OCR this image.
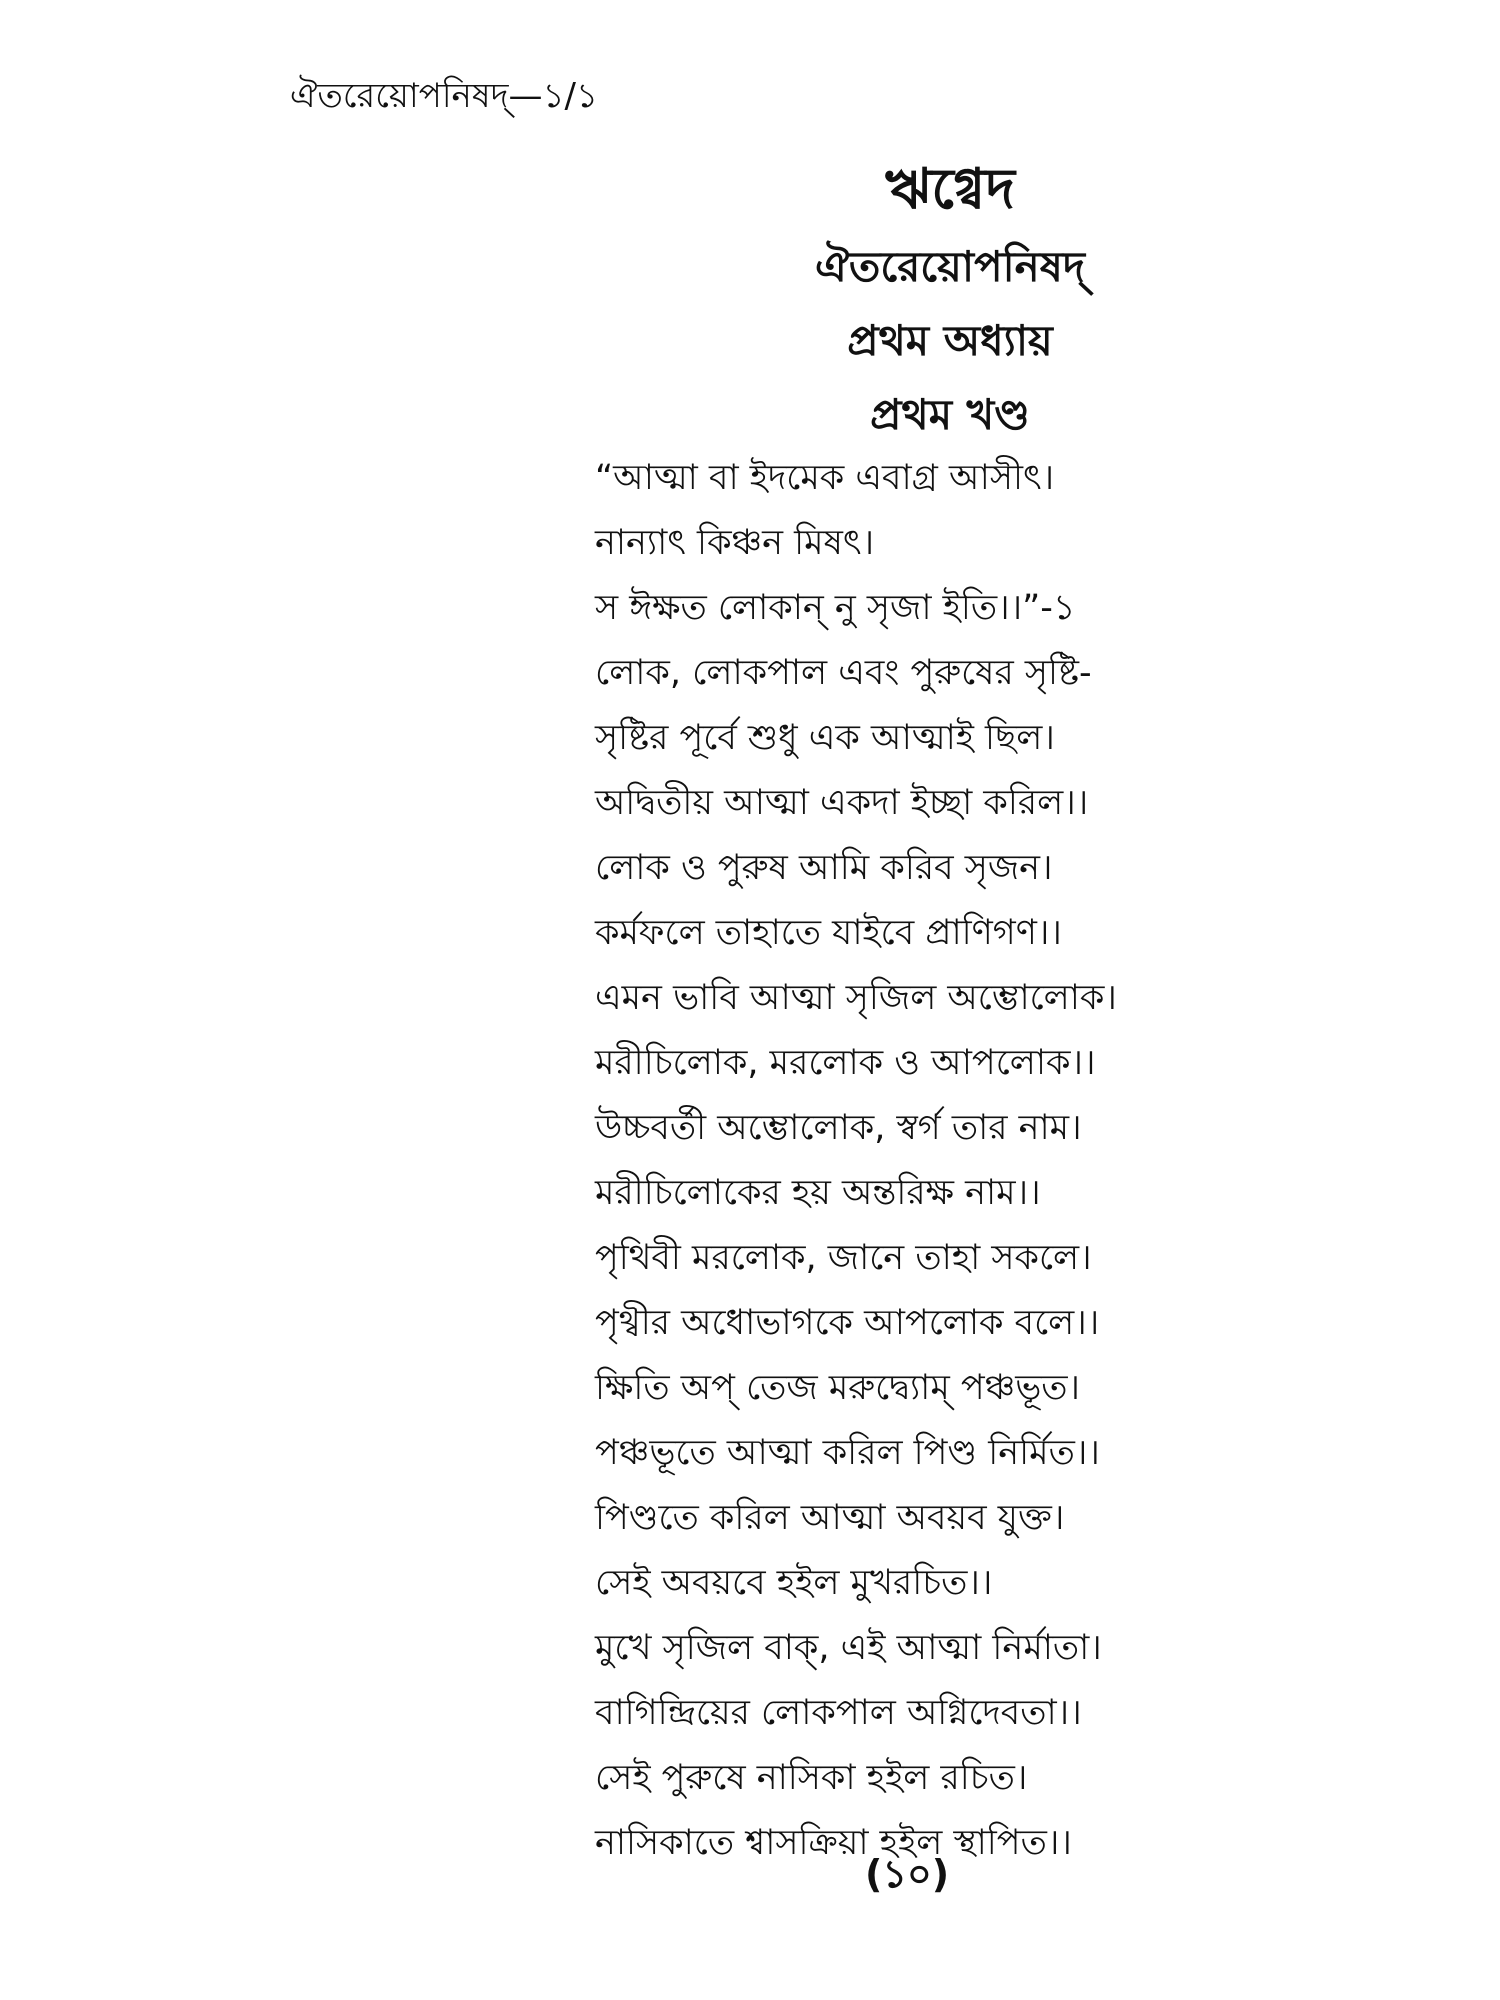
ঐতরেয়োপনিষদ্—১/১
ঋগ্বেদ
ঐতরেয়োপনিষদ্
প্রথম অধ্যায়
প্রথম খণ্ড
“আত্মা বা ইদমেক এবাগ্র আসীৎ।
নান্যাৎ কিঞ্চন মিষৎ।
স ঈক্ষত লোকান্ নু সৃজা ইতি।।”-১
লোক, লোকপাল এবং পুরুষের সৃষ্টি-
সৃষ্টির পূর্বে শুধু এক আত্মাই ছিল।
অদ্বিতীয় আত্মা একদা ইচ্ছা করিল।।
লোক ও পুরুষ আমি করিব সৃজন।
কর্মফলে তাহাতে যাইবে প্রাণিগণ।।
এমন ভাবি আত্মা সৃজিল অম্ভোলোক।
মরীচিলোক, মরলোক ও আপলোক।।
উচ্চবর্তী অম্ভোলোক, স্বর্গ তার নাম।
মরীচিলোকের হয় অন্তরিক্ষ নাম।।
পৃথিবী মরলোক, জানে তাহা সকলে।
পৃথ্বীর অধোভাগকে আপলোক বলে।।
ক্ষিতি অপ্ তেজ মরুদ্ব্যোম্ পঞ্চভূত।
পঞ্চভূতে আত্মা করিল পিণ্ড নির্মিত।।
পিণ্ডতে করিল আত্মা অবয়ব যুক্ত।
সেই অবয়বে হইল মুখরচিত।।
মুখে সৃজিল বাক্, এই আত্মা নির্মাতা।
বাগিন্দ্রিয়ের লোকপাল অগ্নিদেবতা।।
সেই পুরুষে নাসিকা হইল রচিত।
নাসিকাতে শ্বাসক্রিয়া হইল স্থাপিত।।
(১০)
